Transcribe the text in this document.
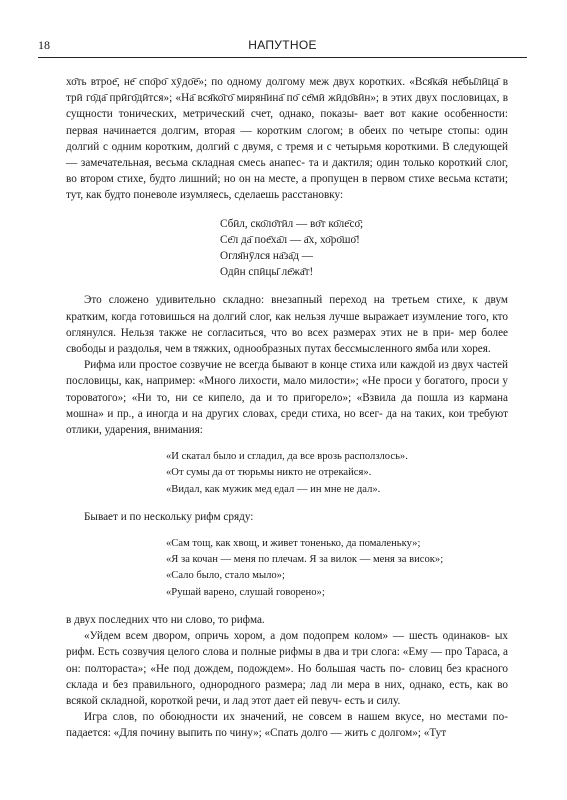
18	НАПУТНОЕ

хо̄ть втрое̄, не̄ спо̄ро̄ хӯдо̄е̄»; по одному долгому меж двух коротких. «Вся̄ка̄я не̄бы̄лӣца̄ в трӣ го̄да̄ прӣго̄дӣтся»; «На̄ вся̄ко̄го̄ мирян̄ина̄ по̄ се̄мӣ жӣдо̄вӣн»; в этих двух пословицах, в сущности тонических, метрический счет, однако, показы- вает вот какие особенности: первая начинается долгим, вторая — коротким слогом; в обеих по четыре стопы: один долгий с одним коротким, долгий с двумя, с тремя и с четырьмя короткими. В следующей — замечательная, весьма складная смесь анапес- та и дактиля; один только короткий слог, во втором стихе, будто лишний; но он на месте, а пропущен в первом стихе весьма кстати; тут, как будто поневоле изумляесь, сделаешь расстановку:

Сбӣл, ско̄ло̄тӣл — во̄т ко̄ле̄со̄;
Се̄л да̄ пое̄ха̄л — а̄х, хо̄ро̄шо̄!
Огля̄нӯлся на̄за̄д —
Одӣн спӣцы̄ ле̄жа̄т!

Это сложено удивительно складно: внезапный переход на третьем стихе, к двум кратким, когда готовишься на долгий слог, как нельзя лучше выражает изумление того, кто оглянулся. Нельзя также не согласиться, что во всех размерах этих не в при- мер более свободы и раздолья, чем в тяжких, однообразных путах бессмысленного ямба или хорея.

Рифма или простое созвучие не всегда бывают в конце стиха или каждой из двух частей пословицы, как, например: «Много лихости, мало милости»; «Не проси у богатого, проси у тороватого»; «Ни то, ни се кипело, да и то пригорело»; «Взвила да пошла из кармана мошна» и пр., а иногда и на других словах, среди стиха, но всег- да на таких, кои требуют отлики, ударения, внимания:

«И скатал было и сгладил, да все врозь расползлось».
«От сумы да от тюрьмы никто не отрекайся».
«Видал, как мужик мед едал — ин мне не дал».

Бывает и по нескольку рифм сряду:

«Сам тощ, как хвощ, и живет тоненько, да помаленьку»;
«Я за кочан — меня по плечам. Я за вилок — меня за висок»;
«Сало было, стало мыло»;
«Рушай варено, слушай говорено»;

в двух последних что ни слово, то рифма.

«Уйдем всем двором, опричь хором, а дом подопрем колом» — шесть одинаков- ых рифм. Есть созвучия целого слова и полные рифмы в два и три слога: «Ему — про Тараса, а он: полтораста»; «Не под дождем, подождем». Но большая часть по- словиц без красного склада и без правильного, однородного размера; лад ли мера в них, однако, есть, как во всякой складной, короткой речи, и лад этот дает ей певуч- есть и силу.

Игра слов, по обоюдности их значений, не совсем в нашем вкусе, но местами по- падается: «Для почину выпить по чину»; «Спать долго — жить с долгом»; «Тут
